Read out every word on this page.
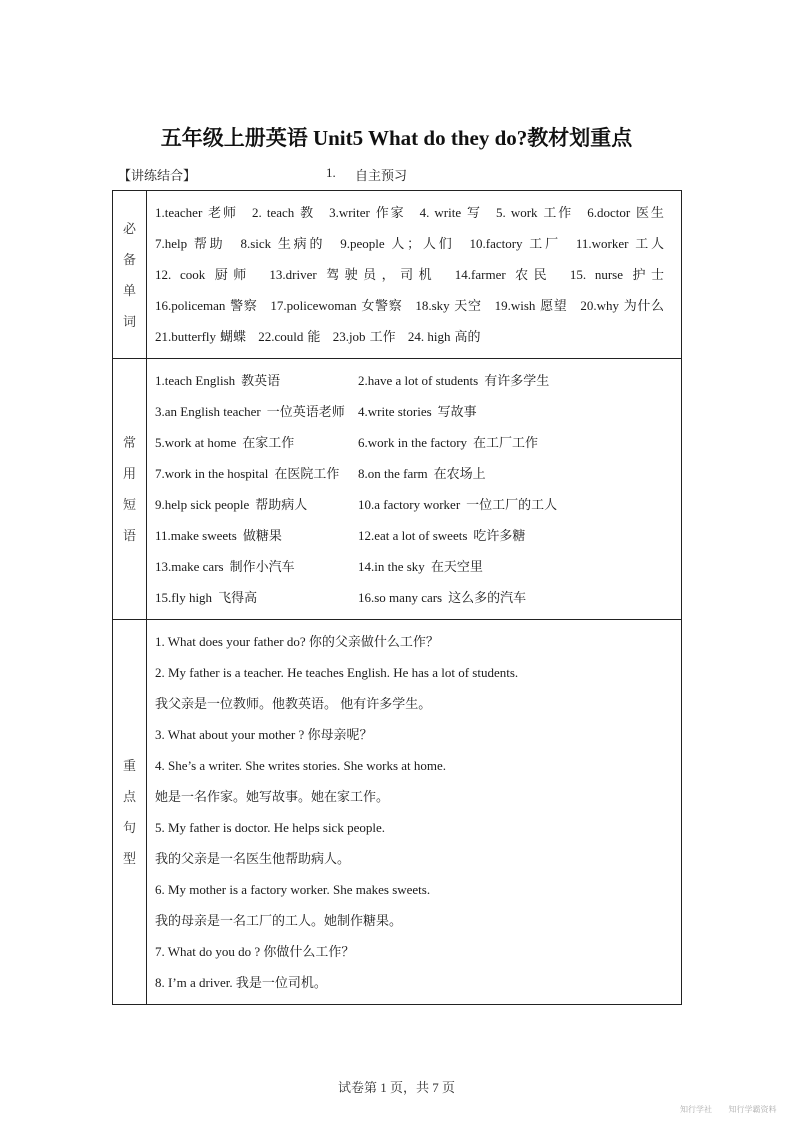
五年级上册英语 Unit5 What do they do?教材划重点
【讲练结合】	1. 自主预习
必
备
单
词

1.teacher 老师 2. teach 教 3.writer 作家 4. write 写 5. work 工作 6.doctor 医生 7.help 帮助 8.sick 生病的 9.people 人；人们 10.factory 工厂 11.worker 工人 12. cook 厨师 13.driver 驾驶员，司机 14.farmer 农民 15. nurse 护士 16.policeman 警察 17.policewoman 女警察 18.sky 天空 19.wish 愿望 20.why 为什么 21.butterfly 蝴蝶 22.could 能 23.job 工作 24. high 高的

常
用
短
语

1.teach English 教英语	2.have a lot of students 有许多学生
3.an English teacher 一位英语老师	4.write stories 写故事
5.work at home 在家工作	6.work in the factory 在工厂工作
7.work in the hospital 在医院工作	8.on the farm 在农场上
9.help sick people 帮助病人	10.a factory worker 一位工厂的工人
11.make sweets 做糖果	12.eat a lot of sweets 吃许多糖
13.make cars 制作小汽车	14.in the sky 在天空里
15.fly high 飞得高	16.so many cars 这么多的汽车

重
点
句
型

1. What does your father do? 你的父亲做什么工作？
2. My father is a teacher. He teaches English. He has a lot of students.
我父亲是一位教师。他教英语。 他有许多学生。
3. What about your mother ? 你母亲呢？
4. She’s a writer. She writes stories. She works at home.
她是一名作家。她写故事。她在家工作。
5. My father is doctor. He helps sick people.
我的父亲是一名医生他帮助病人。
6. My mother is a factory worker. She makes sweets.
我的母亲是一名工厂的工人。她制作糖果。
7. What do you do ? 你做什么工作？
8. I’m a driver. 我是一位司机。
试卷第 1 页，共 7 页
知行学社 知行学霸资料
